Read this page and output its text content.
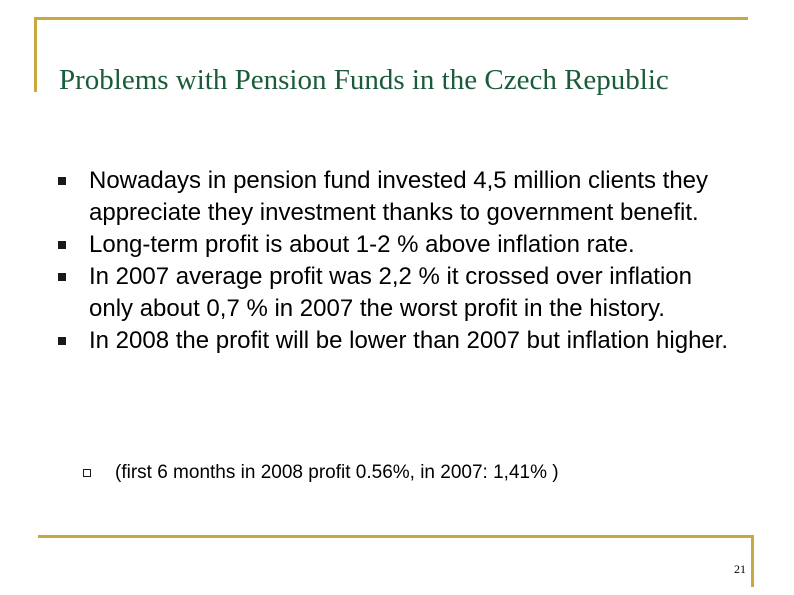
Problems with Pension Funds in the Czech Republic
Nowadays in pension fund invested 4,5 million clients they appreciate they investment thanks to government benefit.
Long-term profit is about 1-2 % above inflation rate.
In 2007 average profit was 2,2 % it crossed over inflation only about 0,7 % in 2007 the worst profit in the history.
In 2008 the profit will be lower than 2007 but inflation higher.
(first 6 months in 2008 profit 0.56%, in 2007: 1,41% )
21
